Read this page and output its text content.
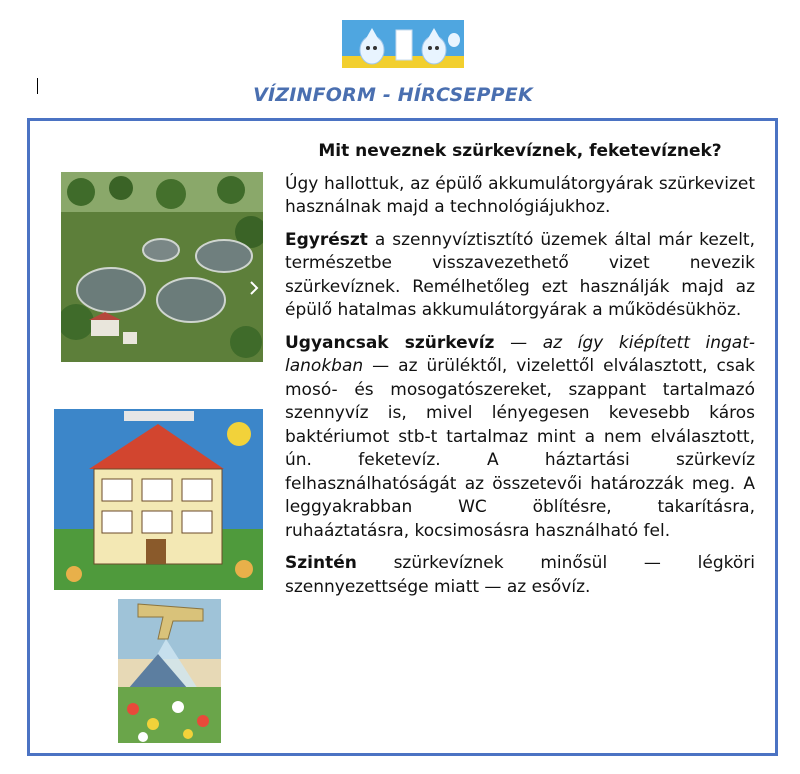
VÍZINFORM - HÍRCSEPPEK
Mit neveznek szürkevíznek, feketevíznek?

Úgy hallottuk, az épülő akkumulátorgyárak szürkevizet használnak majd a technológiájukhoz.

Egyrészt a szennyvíztisztító üzemek által már kezelt, természetbe visszavezethető vizet nevezik szürkevíznek. Remélhetőleg ezt használják majd az épülő hatalmas akkumulátorgyárak a működésükhöz.

Ugyancsak szürkevíz — az így kiépített ingatlanokban — az ürüléktől, vizelettől elválasztott, csak mosó- és mosogatószereket, szappant tartalmazó szennyvíz is, mivel lényegesen kevesebb káros baktériumot stb-t tartalmaz mint a nem elválasztott, ún. feketevíz. A háztartási szürkevíz felhasználhatóságát az összetevői határozzák meg. A leggyakrabban WC öblítésre, takarításra, ruhaáztatásra, kocsimosásra használható fel.

Szintén szürkevíznek minősül — légköri szennyezettsége miatt — az esővíz.
